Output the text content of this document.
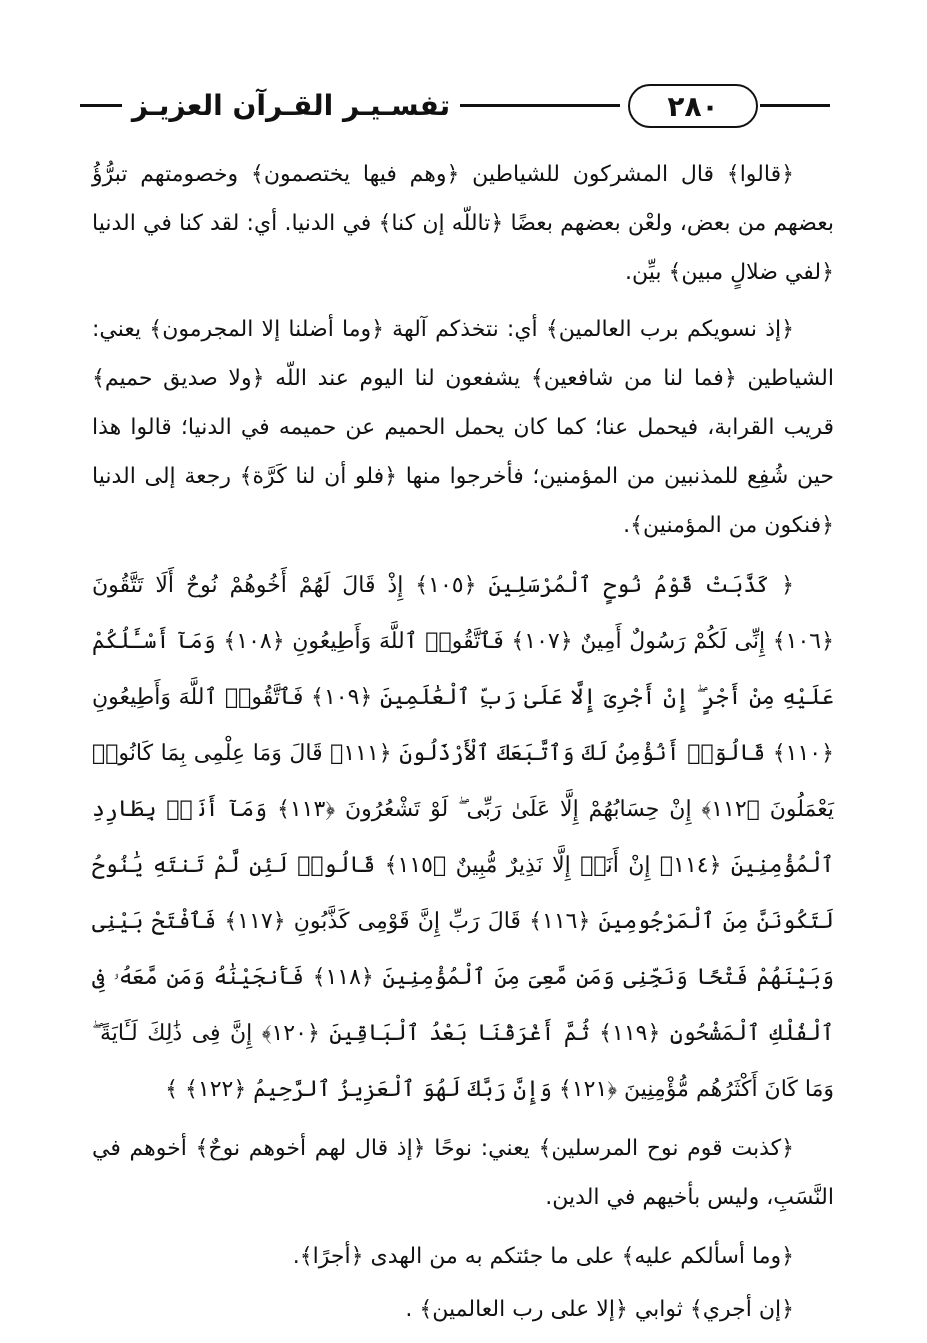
٢٨٠
تفسـيـر القـرآن العزيـز

﴿قالوا﴾ قال المشركون للشياطين ﴿وهم فيها يختصمون﴾ وخصومتهم تبرُّؤُ بعضهم من بعض، ولعْن بعضهم بعضًا ﴿تاللّه إن كنا﴾ في الدنيا. أي: لقد كنا في الدنيا ﴿لفي ضلالٍ مبين﴾ بيِّن.

﴿إذ نسويكم برب العالمين﴾ أي: نتخذكم آلهة ﴿وما أضلنا إلا المجرمون﴾ يعني: الشياطين ﴿فما لنا من شافعين﴾ يشفعون لنا اليوم عند اللّه ﴿ولا صديق حميم﴾ قريب القرابة، فيحمل عنا؛ كما كان يحمل الحميم عن حميمه في الدنيا؛ قالوا هذا حين شُفِع للمذنبين من المؤمنين؛ فأخرجوا منها ﴿فلو أن لنا كَرَّة﴾ رجعة إلى الدنيا ﴿فنكون من المؤمنين﴾.

﴿ كَذَّبَتْ قَوْمُ نُوحٍ ٱلْمُرْسَلِينَ ﴿١٠٥﴾ إِذْ قَالَ لَهُمْ أَخُوهُمْ نُوحٌ أَلَا تَتَّقُونَ ﴿١٠٦﴾ إِنِّى لَكُمْ رَسُولٌ أَمِينٌ ﴿١٠٧﴾ فَٱتَّقُوا۟ ٱللَّهَ وَأَطِيعُونِ ﴿١٠٨﴾ وَمَآ أَسْـَٔلُكُمْ عَلَيْهِ مِنْ أَجْرٍ ۖ إِنْ أَجْرِىَ إِلَّا عَلَىٰ رَبِّ ٱلْعَٰلَمِينَ ﴿١٠٩﴾ فَٱتَّقُوا۟ ٱللَّهَ وَأَطِيعُونِ ﴿١١٠﴾ قَالُوٓا۟ أَنُؤْمِنُ لَكَ وَٱتَّبَعَكَ ٱلْأَرْذَلُونَ ﴿١١١﴾ قَالَ وَمَا عِلْمِى بِمَا كَانُوا۟ يَعْمَلُونَ ﴿١١٢﴾ إِنْ حِسَابُهُمْ إِلَّا عَلَىٰ رَبِّى ۖ لَوْ تَشْعُرُونَ ﴿١١٣﴾ وَمَآ أَنَا۠ بِطَارِدِ ٱلْمُؤْمِنِينَ ﴿١١٤﴾ إِنْ أَنَا۠ إِلَّا نَذِيرٌ مُّبِينٌ ﴿١١٥﴾ قَالُوا۟ لَئِن لَّمْ تَنتَهِ يَٰنُوحُ لَتَكُونَنَّ مِنَ ٱلْمَرْجُومِينَ ﴿١١٦﴾ قَالَ رَبِّ إِنَّ قَوْمِى كَذَّبُونِ ﴿١١٧﴾ فَٱفْتَحْ بَيْنِى وَبَيْنَهُمْ فَتْحًا وَنَجِّنِى وَمَن مَّعِىَ مِنَ ٱلْمُؤْمِنِينَ ﴿١١٨﴾ فَأَنجَيْنَٰهُ وَمَن مَّعَهُۥ فِى ٱلْفُلْكِ ٱلْمَشْحُونِ ﴿١١٩﴾ ثُمَّ أَغْرَقْنَا بَعْدُ ٱلْبَاقِينَ ﴿١٢٠﴾ إِنَّ فِى ذَٰلِكَ لَـَٔايَةً ۖ وَمَا كَانَ أَكْثَرُهُم مُّؤْمِنِينَ ﴿١٢١﴾ وَإِنَّ رَبَّكَ لَهُوَ ٱلْعَزِيزُ ٱلرَّحِيمُ ﴿١٢٢﴾ ﴾

﴿كذبت قوم نوح المرسلين﴾ يعني: نوحًا ﴿إذ قال لهم أخوهم نوحٌ﴾ أخوهم في النَّسَبِ، وليس بأخيهم في الدين.

﴿وما أسألكم عليه﴾ على ما جئتكم به من الهدى ﴿أجرًا﴾.

﴿إن أجري﴾ ثوابي ﴿إلا على رب العالمين﴾ .
